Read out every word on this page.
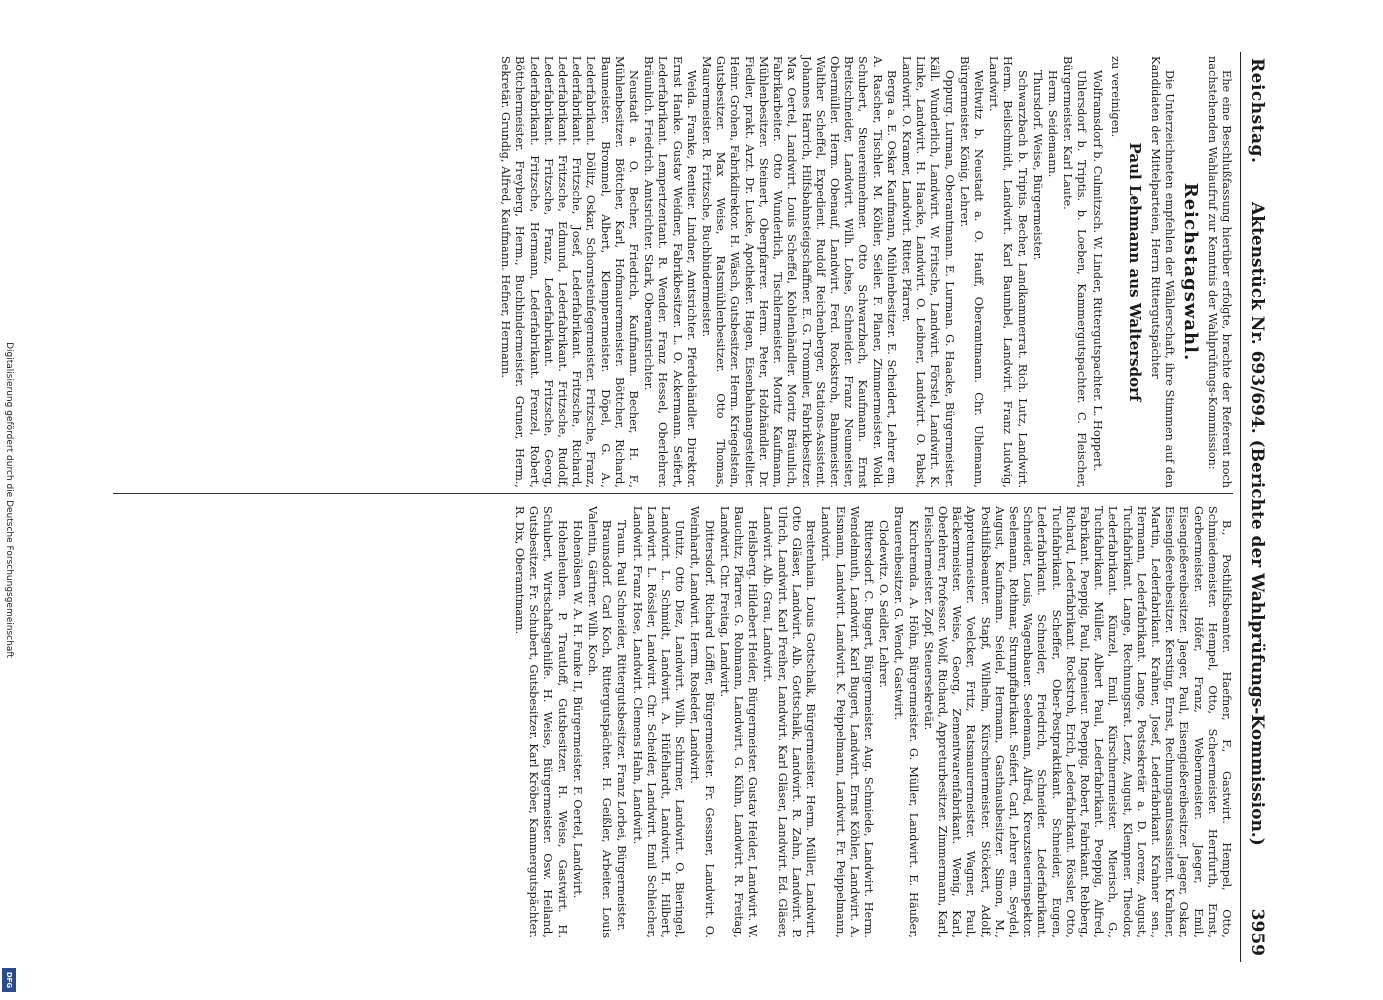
Digitalisierung gefördert durch die Deutsche Forschungsgemeinschaft
DFG
Reichstag.
Aktenstück Nr. 693/694. (Berichte der Wahlprüfungs-Kommission.)
3959

Ehe eine Beschlußfassung hierüber erfolgte, brachte der Referent noch nachstehenden Wahlaufruf zur Kenntnis der Wahlprüfungs-Kommission:

Reichstagswahl.

Die Unterzeichneten empfehlen der Wählerschaft, ihre Stimmen auf den Kandidaten der Mittelparteien, Herrn Rittergutspächter

Paul Lehmann aus Waltersdorf

zu vereinigen.

Wolframsdorf b. Culmitzsch. W. Linder, Rittergutspachter. L. Hoppert.

Uhlersdorf b. Triptis. b. Loeben, Kammergutspachter. C. Fleischer, Bürgermeister. Karl Laute.

Herm. Seidemann.

Thursdorf. Weise, Bürgermeister.

Schwarzbach b. Triptis. Becher, Landkammerrat. Rich. Lutz, Landwirt. Herm. Beilschmidt, Landwirt. Karl Baumbel, Landwirt. Franz Ludwig, Landwirt.

Weltwitz b. Neustadt a. O. Hauff, Oberamtmann. Chr. Uhlemann, Bürgermeister. König, Lehrer.

Oppurg. Lurman, Oberamtmann. E. Lurman. G. Haacke, Bürgermeister. Käll. Wunderlich, Landwirt. W. Fritsche, Landwirt. Förstel, Landwirt. K. Linke, Landwirt. H. Haacke, Landwirt. O. Leibner, Landwirt. O. Pabst, Landwirt. O. Kramer, Landwirt. Ritter, Pfarrer.

Berga a. E. Oskar Kaufmann, Mühlenbesitzer. E. Scheidert, Lehrer em. A. Rascher, Tischler. M. Köhler, Seiler. F. Planer, Zimmermeister. Wold. Schubert, Steuereinnehmer. Otto Schwarzbach, Kaufmann. Ernst Breitschneider, Landwirt. Wilh. Lohse, Schneider. Franz Neumeister, Obermüller. Herm. Obenauf, Landwirt. Ferd. Rockstroh, Bahnmeister. Walther Scheffel, Expedient. Rudolf Reichenberger, Stations-Assistent. Johannes Harrich, Hilfsbahnsteigschaffner. E. G. Trommler, Fabrikbesitzer. Max Oertel, Landwirt. Louis Scheffel, Kohlenhändler. Moritz Bräunlich, Fabrikarbeiter. Otto Wunderlich, Tischlermeister. Moritz Kaufmann, Mühlenbesitzer. Steinert, Oberpfarrer. Herm. Peter, Holzhändler. Dr. Fiedler, prakt. Arzt. Dr. Lucke, Apotheker. Hagen, Eisenbahnangestellter. Heinr. Grohen, Fabrikdirektor. H. Wäsch, Gutsbesitzer. Herm. Kriegelstein, Gutsbesitzer. Max Weise, Ratsmühlenbesitzer. Otto Thomas, Maurermeister. R. Fritzsche, Buchbindermeister.

Weida. Franke, Rentier. Lindner, Amtsrichter. Pferdehändler. Direktor. Ernst Hanke. Gustav Weidner, Fabrikbesitzer. L. O. Ackermann. Seifert, Lederfabrikant. Lempertzentant. R. Wender. Franz Hessel, Oberlehrer. Bräunlich. Friedrich. Amtsrichter. Stark, Oberamtsrichter.

Neustadt a. O. Becher, Friedrich, Kaufmann. Becher, H. F., Mühlenbesitzer. Böttcher, Karl, Hofmaurermeister. Böttcher, Richard, Baumeister. Brommel, Albert, Klempnermeister. Döpel, G. A., Lederfabrikant. Dölitz, Oskar, Schornsteinfegermeister. Fritzsche, Franz, Lederfabrikant. Fritzsche, Josef, Lederfabrikant. Fritzsche, Richard, Lederfabrikant. Fritzsche, Edmund, Lederfabrikant. Fritzsche, Rudolf, Lederfabrikant. Fritzsche, Franz, Lederfabrikant. Fritzsche, Georg, Lederfabrikant. Fritzsche, Hermann, Lederfabrikant. Frenzel, Robert, Böttchermeister. Freyberg, Herm., Buchbindermeister. Gruner, Herm., Sekretär. Grundig, Alfred, Kaufmann. Hefner, Hermann.

B., Posthilfsbeamter. Haefner, F., Gastwirt. Hempel, Otto, Schmiedemeister. Hempel, Otto, Scheermeister. Herrfurth, Ernst, Gerbermeister. Höfer, Franz, Webermeister. Jaeger, Emil, Eisengießereibesitzer. Jaeger, Paul, Eisengießereibesitzer. Jaeger, Oskar, Eisengießereibesitzer. Kersting, Ernst, Rechnungsamtsassistent. Krahner, Martin, Lederfabrikant. Krahner, Josef, Lederfabrikant. Krahner sen., Hermann, Lederfabrikant. Lange, Postsekretär a. D. Lorenz, August, Tuchfabrikant. Lange, Rechnungsrat. Lenz, August, Klempner. Theodor, Lederfabrikant. Künzel, Emil, Kürschnermeister. Mierisch, G., Tuchfabrikant. Müller, Albert Paul, Lederfabrikant. Poeppig, Alfred, Fabrikant. Poeppig, Paul, Ingenieur. Poeppig, Robert, Fabrikant. Rebberg, Richard, Lederfabrikant. Rockstroh, Erich, Lederfabrikant. Rössler, Otto, Tuchfabrikant. Scheffer, Ober-Postpraktikant. Schneider, Eugen, Lederfabrikant. Schneider, Friedrich, Schneider. Lederfabrikant. Schneider, Louis, Wagenbauer. Seelemann, Alfred, Kreuzsteuerinspektor. Seelemann, Rothmar, Strumpffabrikant. Seifert, Carl, Lehrer em. Seydel, August, Kaufmann. Seidel, Hermann, Gasthausbesitzer. Simon, M., Posthilfsbeamter. Stapf, Wilhelm, Kürschnermeister. Stöckert, Adolf, Appreturmeister. Voelcker, Fritz, Ratsmaurermeister. Wagner, Paul, Bäckermeister. Weise, Georg, Zementwarenfabrikant. Wenig, Karl, Oberlehrer, Professor. Wolf, Richard, Appreturbesitzer. Zimmermann, Karl, Fleischermeister. Zopf, Steuersekretär.

Kirchremda. A. Höhn, Bürgermeister. G. Müller, Landwirt. E. Häußer, Brauereibesitzer. G. Wendt, Gastwirt.

Clodewitz. O. Seidler, Lehrer.

Rittersdorf. C. Bugert, Bürgermeister. Aug. Schmiede, Landwirt. Herm. Wendelmuth, Landwirt. Karl Bugert, Landwirt. Ernst Köhler, Landwirt. A. Eismann, Landwirt. Landwirt. K. Peippelmann, Landwirt. Fr. Peippelmann, Landwirt.

Breitenhain. Louis Gottschalk, Bürgermeister. Herm. Müller, Landwirt. Otto Gläser, Landwirt. Alb. Gottschalk, Landwirt. R. Zahn, Landwirt. P. Ulrich, Landwirt. Karl Freiher, Landwirt. Karl Gläser, Landwirt. Ed. Gläser, Landwirt. Alb. Grau, Landwirt.

Heilsberg. Hildebert Heider, Bürgermeister. Gustav Heider, Landwirt. W. Bauchitz, Pfarrer. G. Rohmann, Landwirt. G. Kühn, Landwirt. R. Freitag, Landwirt. Chr. Freitag, Landwirt.

Dittersdorf. Richard Löffler, Bürgermeister. Fr. Gessner, Landwirt. O. Weinhardt, Landwirt. Herm. Rosleder, Landwirt.

Untitz. Otto Diez, Landwirt. Wilh. Schirmer, Landwirt. O. Bieringel, Landwirt. L. Schmidt, Landwirt. A. Hüfelhardt, Landwirt. H. Hilbert, Landwirt. L. Rössler, Landwirt. Chr. Scheider, Landwirt. Emil Schleicher, Landwirt. Franz Hose, Landwirt. Clemens Hahn, Landwirt.

Traun. Paul Schneider, Rittergutsbesitzer. Franz Lorbei, Bürgermeister.

Braunsdorf. Carl Koch, Rittergutspächter. H. Geißler, Arbeiter. Louis Valentin, Gärtner. Wilh. Koch.

Hohenölsen W. A. H. Funke II, Bürgermeister. F. Oertel, Landwirt.

Hohenleuben. P. Trautloff, Gutsbesitzer. H. Weise, Gastwirt. H. Schubert, Wirtschaftsgehilfe. H. Weise, Bürgermeister. Osw. Heiland, Gutsbesitzer. Fr. Schubert, Gutsbesitzer. Karl Kröber, Kammergutspächter. R. Dix, Oberamtmann.
